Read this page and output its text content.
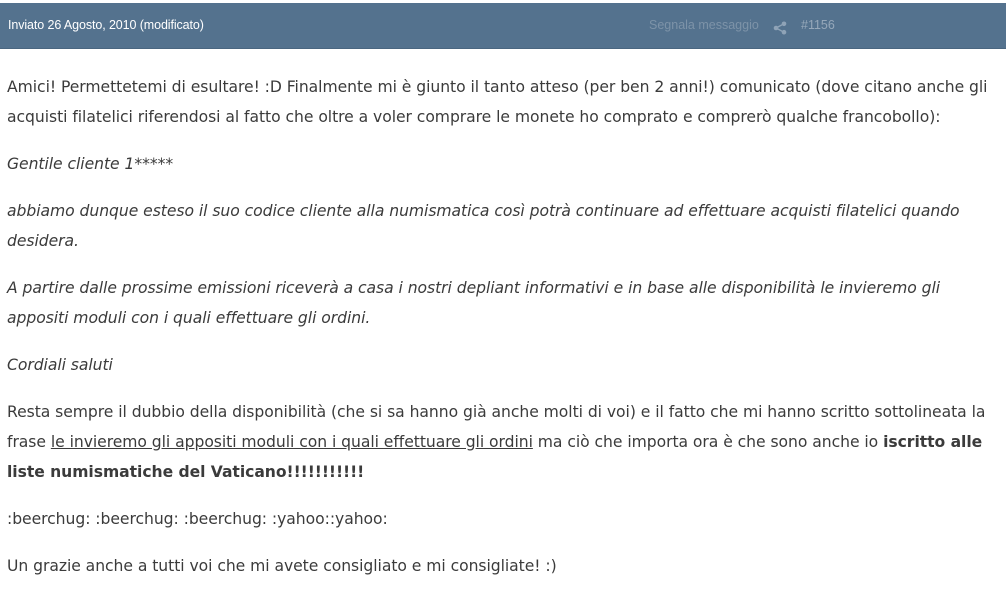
Inviato 26 Agosto, 2010 (modificato)	Segnala messaggio	#1156

Amici! Permettetemi di esultare! :D Finalmente mi è giunto il tanto atteso (per ben 2 anni!) comunicato (dove citano anche gli acquisti filatelici riferendosi al fatto che oltre a voler comprare le monete ho comprato e comprerò qualche francobollo):

Gentile cliente 1*****

abbiamo dunque esteso il suo codice cliente alla numismatica così potrà continuare ad effettuare acquisti filatelici quando desidera.

A partire dalle prossime emissioni riceverà a casa i nostri depliant informativi e in base alle disponibilità le invieremo gli appositi moduli con i quali effettuare gli ordini.

Cordiali saluti

Resta sempre il dubbio della disponibilità (che si sa hanno già anche molti di voi) e il fatto che mi hanno scritto sottolineata la frase le invieremo gli appositi moduli con i quali effettuare gli ordini ma ciò che importa ora è che sono anche io iscritto alle liste numismatiche del Vaticano!!!!!!!!!!!

:beerchug: :beerchug: :beerchug: :yahoo::yahoo:

Un grazie anche a tutti voi che mi avete consigliato e mi consigliate! :)
